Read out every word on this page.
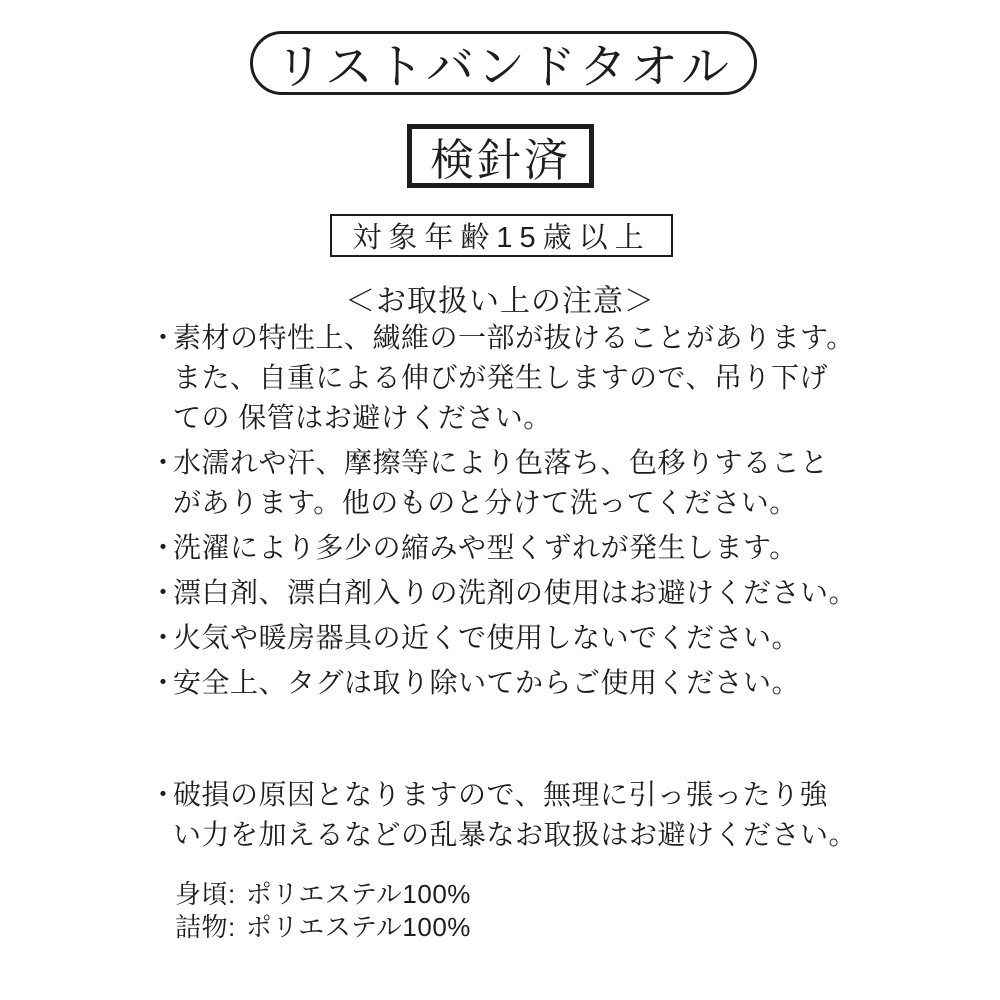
リストバンドタオル
検針済
対象年齢15歳以上
＜お取扱い上の注意＞
・
素材の特性上、繊維の一部が抜けることがあります。
また、自重による伸びが発生しますので、吊り下げ
ての 保管はお避けください。
・
水濡れや汗、摩擦等により色落ち、色移りすること
があります。他のものと分けて洗ってください。
・
洗濯により多少の縮みや型くずれが発生します。
・
漂白剤、漂白剤入りの洗剤の使用はお避けください。
・
火気や暖房器具の近くで使用しないでください。
・
安全上、タグは取り除いてからご使用ください。
・
破損の原因となりますので、無理に引っ張ったり強
い力を加えるなどの乱暴なお取扱はお避けください。
身頃: ポリエステル100%
詰物: ポリエステル100%
